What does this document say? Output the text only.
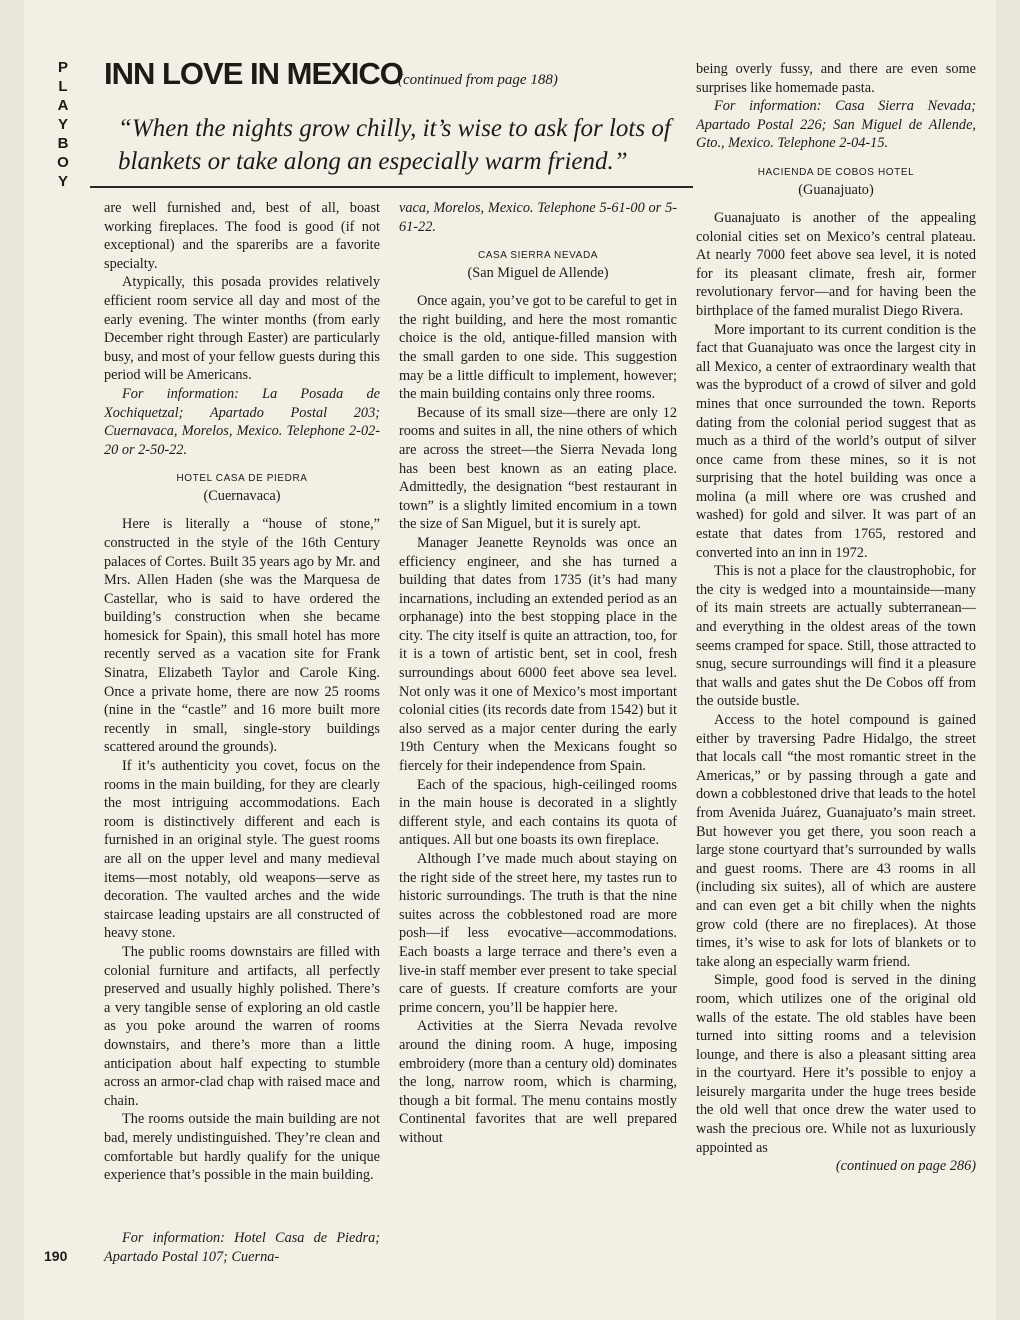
P
L
A
Y
B
O
Y
INN LOVE IN MEXICO
(continued from page 188)
“When the nights grow chilly, it’s wise to ask for lots of blankets or take along an especially warm friend.”

are well furnished and, best of all, boast working fireplaces. The food is good (if not exceptional) and the spareribs are a favorite specialty.

Atypically, this posada provides relatively efficient room service all day and most of the early evening. The winter months (from early December right through Easter) are particularly busy, and most of your fellow guests during this period will be Americans.

For information: La Posada de Xochiquetzal; Apartado Postal 203; Cuernavaca, Morelos, Mexico. Telephone 2-02-20 or 2-50-22.

HOTEL CASA DE PIEDRA
(Cuernavaca)

Here is literally a “house of stone,” constructed in the style of the 16th Century palaces of Cortes. Built 35 years ago by Mr. and Mrs. Allen Haden (she was the Marquesa de Castellar, who is said to have ordered the building’s construction when she became homesick for Spain), this small hotel has more recently served as a vacation site for Frank Sinatra, Elizabeth Taylor and Carole King. Once a private home, there are now 25 rooms (nine in the “castle” and 16 more built more recently in small, single-story buildings scattered around the grounds).

If it’s authenticity you covet, focus on the rooms in the main building, for they are clearly the most intriguing accommodations. Each room is distinctively different and each is furnished in an original style. The guest rooms are all on the upper level and many medieval items—most notably, old weapons—serve as decoration. The vaulted arches and the wide staircase leading upstairs are all constructed of heavy stone.

The public rooms downstairs are filled with colonial furniture and artifacts, all perfectly preserved and usually highly polished. There’s a very tangible sense of exploring an old castle as you poke around the warren of rooms downstairs, and there’s more than a little anticipation about half expecting to stumble across an armor-clad chap with raised mace and chain.

The rooms outside the main building are not bad, merely undistinguished. They’re clean and comfortable but hardly qualify for the unique experience that’s possible in the main building.

For information: Hotel Casa de Piedra; Apartado Postal 107; Cuerna-

vaca, Morelos, Mexico. Telephone 5-61-00 or 5-61-22.

CASA SIERRA NEVADA
(San Miguel de Allende)

Once again, you’ve got to be careful to get in the right building, and here the most romantic choice is the old, antique-filled mansion with the small garden to one side. This suggestion may be a little difficult to implement, however; the main building contains only three rooms.

Because of its small size—there are only 12 rooms and suites in all, the nine others of which are across the street—the Sierra Nevada long has been best known as an eating place. Admittedly, the designation “best restaurant in town” is a slightly limited encomium in a town the size of San Miguel, but it is surely apt.

Manager Jeanette Reynolds was once an efficiency engineer, and she has turned a building that dates from 1735 (it’s had many incarnations, including an extended period as an orphanage) into the best stopping place in the city. The city itself is quite an attraction, too, for it is a town of artistic bent, set in cool, fresh surroundings about 6000 feet above sea level. Not only was it one of Mexico’s most important colonial cities (its records date from 1542) but it also served as a major center during the early 19th Century when the Mexicans fought so fiercely for their independence from Spain.

Each of the spacious, high-ceilinged rooms in the main house is decorated in a slightly different style, and each contains its quota of antiques. All but one boasts its own fireplace.

Although I’ve made much about staying on the right side of the street here, my tastes run to historic surroundings. The truth is that the nine suites across the cobblestoned road are more posh—if less evocative—accommodations. Each boasts a large terrace and there’s even a live-in staff member ever present to take special care of guests. If creature comforts are your prime concern, you’ll be happier here.

Activities at the Sierra Nevada revolve around the dining room. A huge, imposing embroidery (more than a century old) dominates the long, narrow room, which is charming, though a bit formal. The menu contains mostly Continental favorites that are well prepared without

being overly fussy, and there are even some surprises like homemade pasta.

For information: Casa Sierra Nevada; Apartado Postal 226; San Miguel de Allende, Gto., Mexico. Telephone 2-04-15.

HACIENDA DE COBOS HOTEL
(Guanajuato)

Guanajuato is another of the appealing colonial cities set on Mexico’s central plateau. At nearly 7000 feet above sea level, it is noted for its pleasant climate, fresh air, former revolutionary fervor—and for having been the birthplace of the famed muralist Diego Rivera.

More important to its current condition is the fact that Guanajuato was once the largest city in all Mexico, a center of extraordinary wealth that was the byproduct of a crowd of silver and gold mines that once surrounded the town. Reports dating from the colonial period suggest that as much as a third of the world’s output of silver once came from these mines, so it is not surprising that the hotel building was once a molina (a mill where ore was crushed and washed) for gold and silver. It was part of an estate that dates from 1765, restored and converted into an inn in 1972.

This is not a place for the claustrophobic, for the city is wedged into a mountainside—many of its main streets are actually subterranean—and everything in the oldest areas of the town seems cramped for space. Still, those attracted to snug, secure surroundings will find it a pleasure that walls and gates shut the De Cobos off from the outside bustle.

Access to the hotel compound is gained either by traversing Padre Hidalgo, the street that locals call “the most romantic street in the Americas,” or by passing through a gate and down a cobblestoned drive that leads to the hotel from Avenida Juárez, Guanajuato’s main street. But however you get there, you soon reach a large stone courtyard that’s surrounded by walls and guest rooms. There are 43 rooms in all (including six suites), all of which are austere and can even get a bit chilly when the nights grow cold (there are no fireplaces). At those times, it’s wise to ask for lots of blankets or to take along an especially warm friend.

Simple, good food is served in the dining room, which utilizes one of the original old walls of the estate. The old stables have been turned into sitting rooms and a television lounge, and there is also a pleasant sitting area in the courtyard. Here it’s possible to enjoy a leisurely margarita under the huge trees beside the old well that once drew the water used to wash the precious ore. While not as luxuriously appointed as

(continued on page 286)

190
